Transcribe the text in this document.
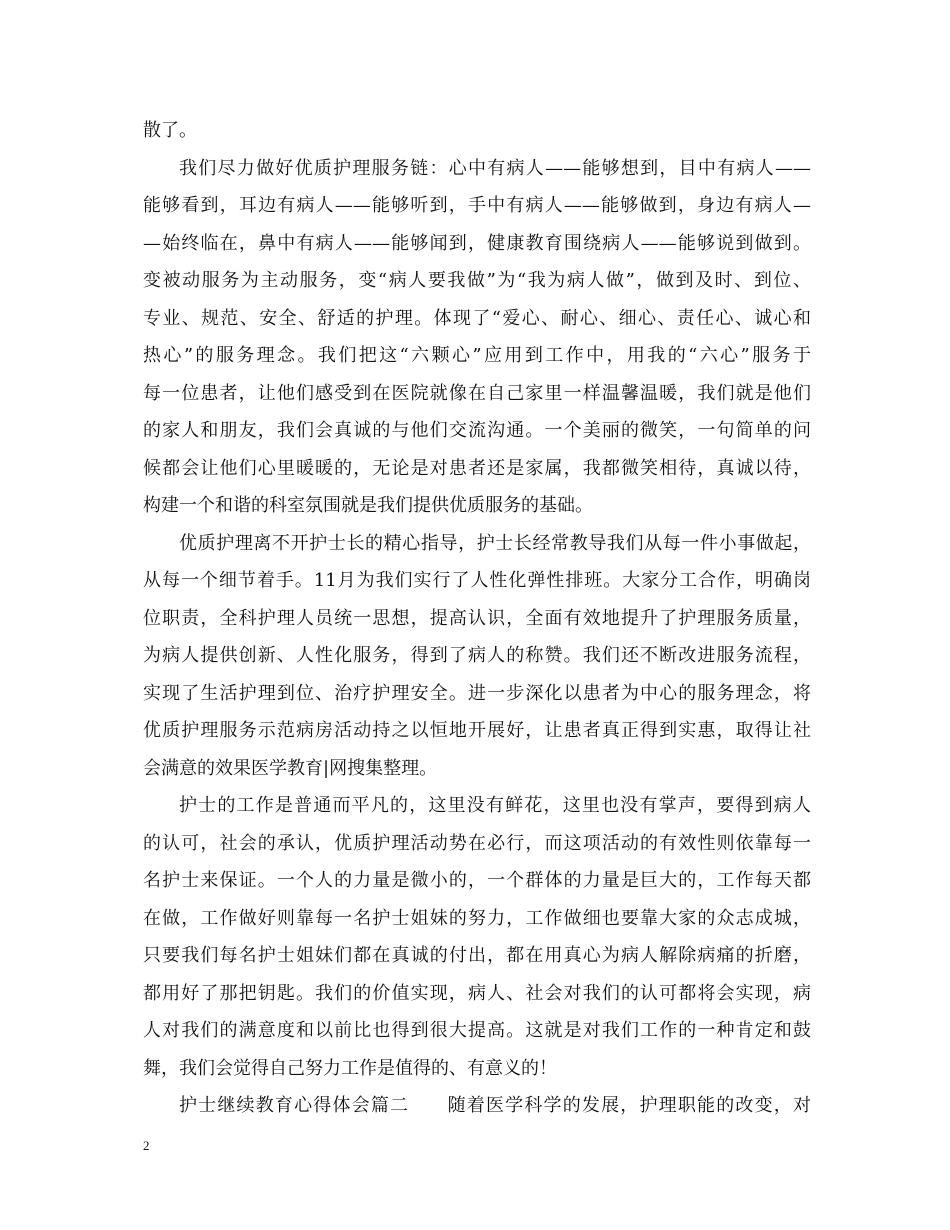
散了。
我们尽力做好优质护理服务链：心中有病人——能够想到，目中有病人——
能够看到，耳边有病人——能够听到，手中有病人——能够做到，身边有病人—
—始终临在，鼻中有病人——能够闻到，健康教育围绕病人——能够说到做到。
变被动服务为主动服务，变“病人要我做”为“我为病人做”，做到及时、到位、
专业、规范、安全、舒适的护理。体现了“爱心、耐心、细心、责任心、诚心和
热心”的服务理念。我们把这“六颗心”应用到工作中，用我的“六心”服务于
每一位患者，让他们感受到在医院就像在自己家里一样温馨温暖，我们就是他们
的家人和朋友，我们会真诚的与他们交流沟通。一个美丽的微笑，一句简单的问
候都会让他们心里暖暖的，无论是对患者还是家属，我都微笑相待，真诚以待，
构建一个和谐的科室氛围就是我们提供优质服务的基础。
优质护理离不开护士长的精心指导，护士长经常教导我们从每一件小事做起，
从每一个细节着手。11月为我们实行了人性化弹性排班。大家分工合作，明确岗
位职责，全科护理人员统一思想，提高认识，全面有效地提升了护理服务质量，
为病人提供创新、人性化服务，得到了病人的称赞。我们还不断改进服务流程，
实现了生活护理到位、治疗护理安全。进一步深化以患者为中心的服务理念，将
优质护理服务示范病房活动持之以恒地开展好，让患者真正得到实惠，取得让社
会满意的效果医学教育|网搜集整理。
护士的工作是普通而平凡的，这里没有鲜花，这里也没有掌声，要得到病人
的认可，社会的承认，优质护理活动势在必行，而这项活动的有效性则依靠每一
名护士来保证。一个人的力量是微小的，一个群体的力量是巨大的，工作每天都
在做，工作做好则靠每一名护士姐妹的努力，工作做细也要靠大家的众志成城，
只要我们每名护士姐妹们都在真诚的付出，都在用真心为病人解除病痛的折磨，
都用好了那把钥匙。我们的价值实现，病人、社会对我们的认可都将会实现，病
人对我们的满意度和以前比也得到很大提高。这就是对我们工作的一种肯定和鼓
舞，我们会觉得自己努力工作是值得的、有意义的！
护士继续教育心得体会篇二　　随着医学科学的发展，护理职能的改变，对
2
